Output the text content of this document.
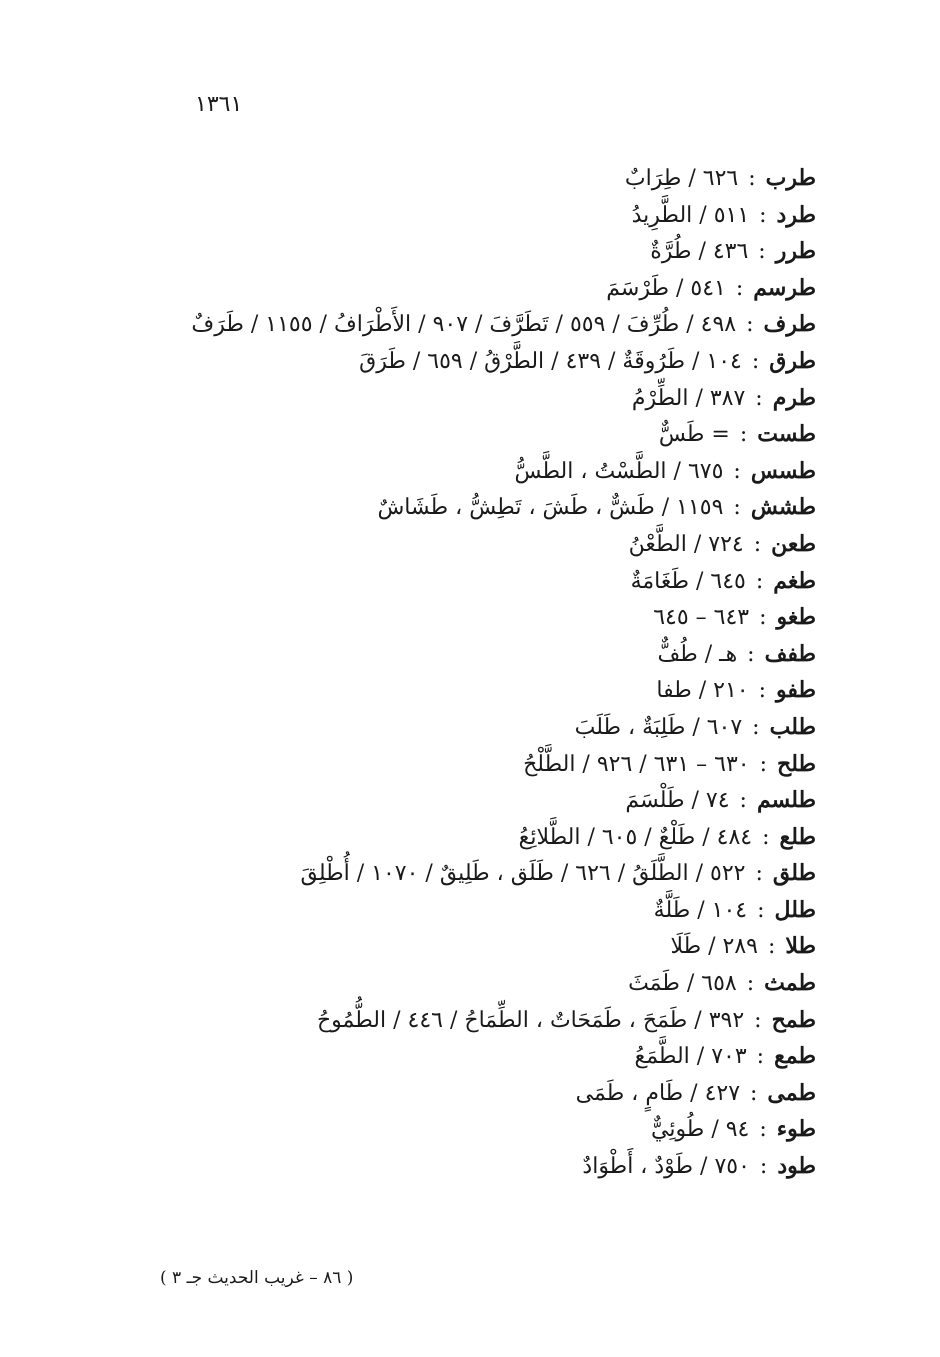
١٣٦١
طرب : ٦٢٦ / طِرَابٌ
طرد : ٥١١ / الطَّرِيدُ
طرر : ٤٣٦ / طُرَّةٌ
طرسم : ٥٤١ / طَرْسَمَ
طرف : ٤٩٨ / طُرِّفَ / ٥٥٩ / تَطَرَّفَ / ٩٠٧ / الأَطْرَافُ / ١١٥٥ / طَرَفٌ
طرق : ١٠٤ / طَرُوقَةٌ / ٤٣٩ / الطَّرْقُ / ٦٥٩ / طَرَقَ
طرم : ٣٨٧ / الطِّرْمُ
طست : = طَسٌّ
طسس : ٦٧٥ / الطَّسْتُ ، الطَّسُّ
طشش : ١١٥٩ / طَشٌّ ، طَشَ ، تَطِشُّ ، طَشَاشٌ
طعن : ٧٢٤ / الطَّعْنُ
طغم : ٦٤٥ / طَغَامَةٌ
طغو : ٦٤٣ – ٦٤٥
طفف : هـ / طُفٌّ
طفو : ٢١٠ / طفا
طلب : ٦٠٧ / طَلِبَةٌ ، طَلَبَ
طلح : ٦٣٠ – ٦٣١ / ٩٢٦ / الطَّلْحُ
طلسم : ٧٤ / طَلْسَمَ
طلع : ٤٨٤ / طَلْعٌ / ٦٠٥ / الطَّلائِعُ
طلق : ٥٢٢ / الطَّلَقُ / ٦٢٦ / طَلَق ، طَلِيقٌ / ١٠٧٠ / أُطْلِقَ
طلل : ١٠٤ / طَلَّةٌ
طلا : ٢٨٩ / طَلَا
طمث : ٦٥٨ / طَمَثَ
طمح : ٣٩٢ / طَمَحَ ، طَمَحَاتٌ ، الطِّمَاحُ / ٤٤٦ / الطُّمُوحُ
طمع : ٧٠٣ / الطَّمَعُ
طمى : ٤٢٧ / طَامٍ ، طَمَى
طوء : ٩٤ / طُوئِيٌّ
طود : ٧٥٠ / طَوْدٌ ، أَطْوَادٌ
( ٨٦ – غريب الحديث جـ ٣ )
